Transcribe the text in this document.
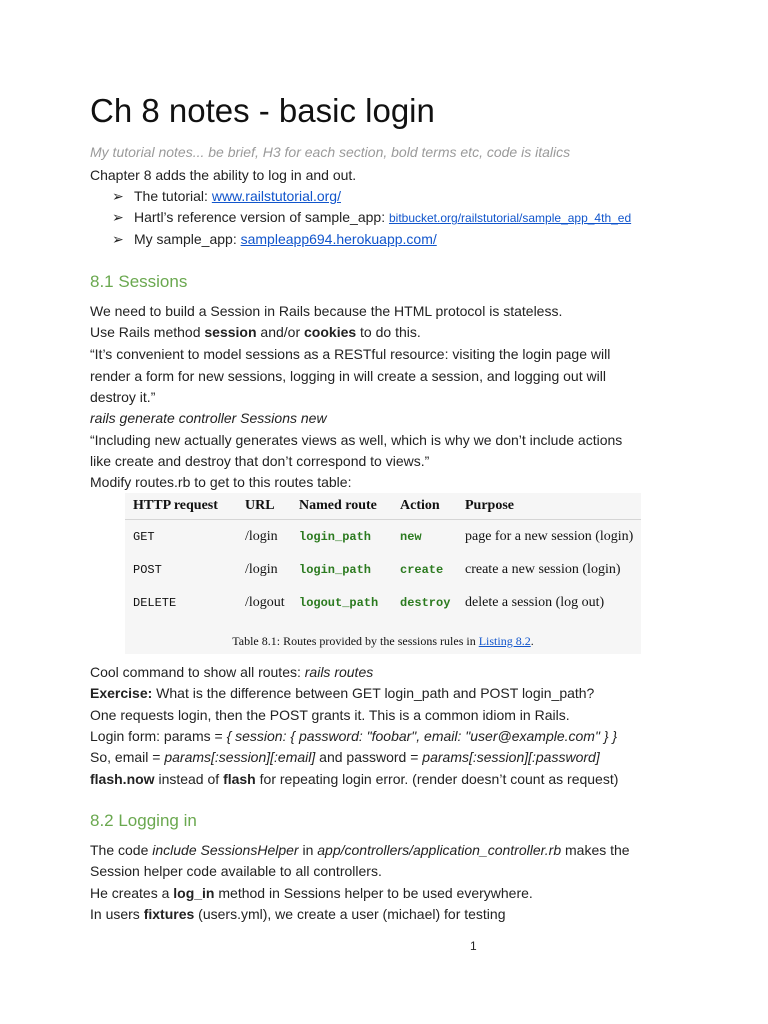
Ch 8 notes - basic login
My tutorial notes... be brief, H3 for each section, bold terms etc, code is italics
Chapter 8 adds the ability to log in and out.
➢ The tutorial: www.railstutorial.org/
➢ Hartl’s reference version of sample_app: bitbucket.org/railstutorial/sample_app_4th_ed
➢ My sample_app: sampleapp694.herokuapp.com/
8.1 Sessions
We need to build a Session in Rails because the HTML protocol is stateless.
Use Rails method session and/or cookies to do this.
“It’s convenient to model sessions as a RESTful resource: visiting the login page will
render a form for new sessions, logging in will create a session, and logging out will
destroy it.”
rails generate controller Sessions new
“Including new actually generates views as well, which is why we don’t include actions
like create and destroy that don’t correspond to views.”
Modify routes.rb to get to this routes table:
HTTP request	URL	Named route	Action	Purpose
GET	/login	login_path	new	page for a new session (login)
POST	/login	login_path	create	create a new session (login)
DELETE	/logout	logout_path	destroy	delete a session (log out)
Table 8.1: Routes provided by the sessions rules in Listing 8.2.
Cool command to show all routes: rails routes
Exercise: What is the difference between GET login_path and POST login_path?
One requests login, then the POST grants it. This is a common idiom in Rails.
Login form: params = { session: { password: "foobar", email: "user@example.com" } }
So, email = params[:session][:email] and password = params[:session][:password]
flash.now instead of flash for repeating login error. (render doesn’t count as request)
8.2 Logging in
The code include SessionsHelper in app/controllers/application_controller.rb makes the
Session helper code available to all controllers.
He creates a log_in method in Sessions helper to be used everywhere.
In users fixtures (users.yml), we create a user (michael) for testing
1
